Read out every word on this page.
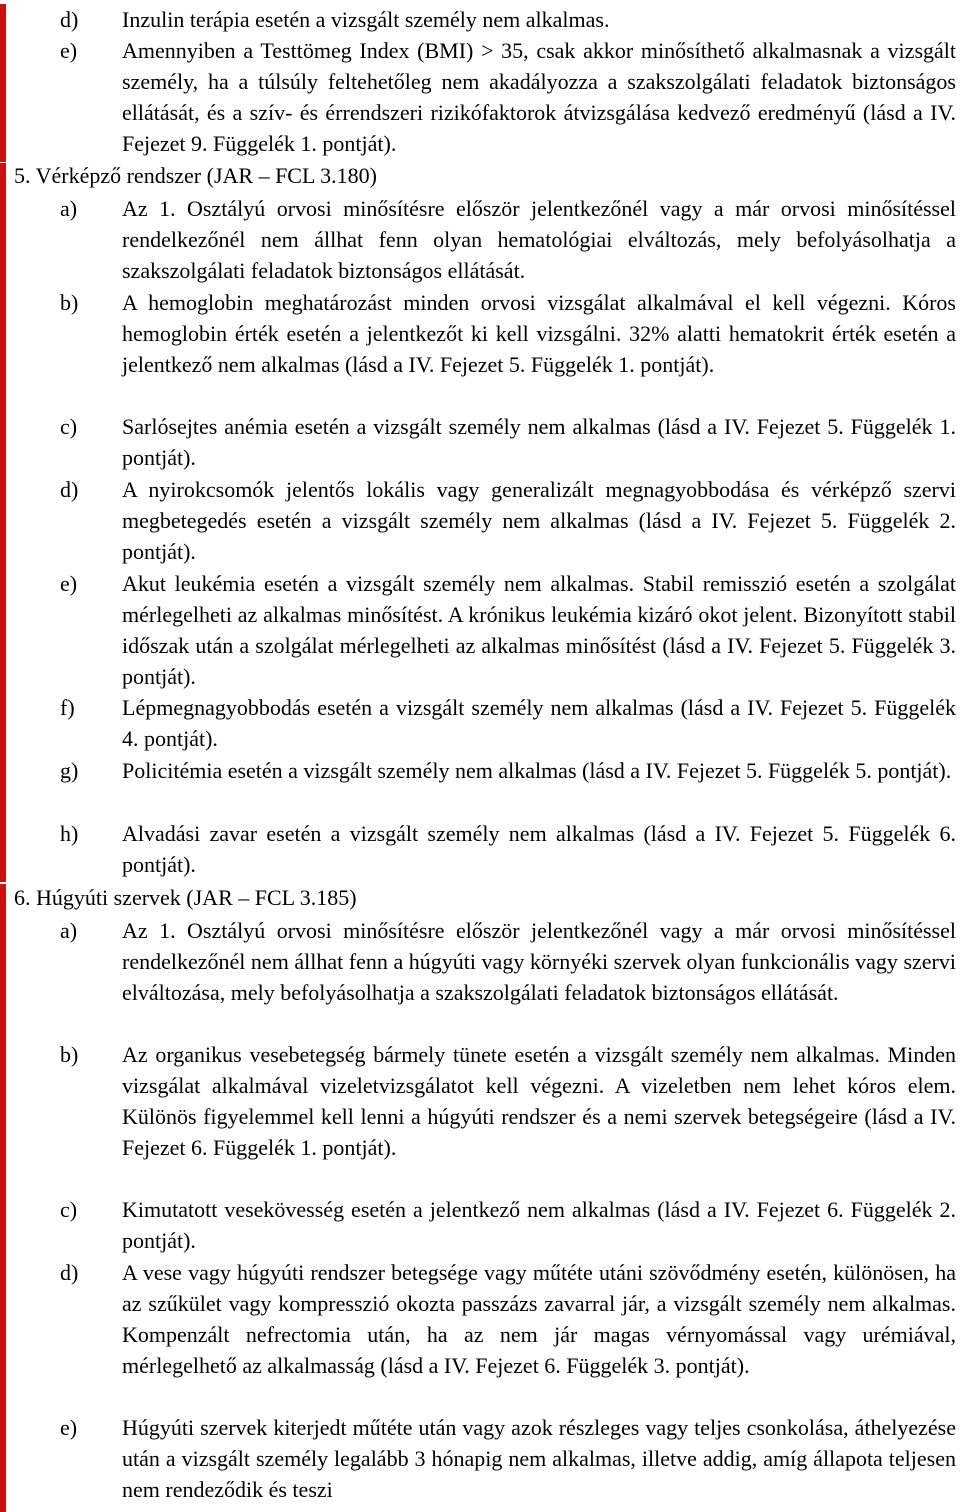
d)	Inzulin terápia esetén a vizsgált személy nem alkalmas.
e)	Amennyiben a Testtömeg Index (BMI) > 35, csak akkor minősíthető alkalmasnak a vizsgált személy, ha a túlsúly feltehetőleg nem akadályozza a szakszolgálati feladatok biztonságos ellátását, és a szív- és érrendszeri rizikófaktorok átvizsgálása kedvező eredményű (lásd a IV. Fejezet 9. Függelék 1. pontját).
5. Vérképző rendszer (JAR – FCL 3.180)
a)	Az 1. Osztályú orvosi minősítésre először jelentkezőnél vagy a már orvosi minősítéssel rendelkezőnél nem állhat fenn olyan hematológiai elváltozás, mely befolyásolhatja a szakszolgálati feladatok biztonságos ellátását.
b)	A hemoglobin meghatározást minden orvosi vizsgálat alkalmával el kell végezni. Kóros hemoglobin érték esetén a jelentkezőt ki kell vizsgálni. 32% alatti hematokrit érték esetén a jelentkező nem alkalmas (lásd a IV. Fejezet 5. Függelék 1. pontját).
c)	Sarlósejtes anémia esetén a vizsgált személy nem alkalmas (lásd a IV. Fejezet 5. Függelék 1. pontját).
d)	A nyirokcsomók jelentős lokális vagy generalizált megnagyobbodása és vérképző szervi megbetegedés esetén a vizsgált személy nem alkalmas (lásd a IV. Fejezet 5. Függelék 2. pontját).
e)	Akut leukémia esetén a vizsgált személy nem alkalmas. Stabil remisszió esetén a szolgálat mérlegelheti az alkalmas minősítést. A krónikus leukémia kizáró okot jelent. Bizonyított stabil időszak után a szolgálat mérlegelheti az alkalmas minősítést (lásd a IV. Fejezet 5. Függelék 3. pontját).
f)	Lépmegnagyobbodás esetén a vizsgált személy nem alkalmas (lásd a IV. Fejezet 5. Függelék 4. pontját).
g)	Policitémia esetén a vizsgált személy nem alkalmas (lásd a IV. Fejezet 5. Függelék 5. pontját).
h)	Alvadási zavar esetén a vizsgált személy nem alkalmas (lásd a IV. Fejezet 5. Függelék 6. pontját).
6. Húgyúti szervek (JAR – FCL 3.185)
a)	Az 1. Osztályú orvosi minősítésre először jelentkezőnél vagy a már orvosi minősítéssel rendelkezőnél nem állhat fenn a húgyúti vagy környéki szervek olyan funkcionális vagy szervi elváltozása, mely befolyásolhatja a szakszolgálati feladatok biztonságos ellátását.
b)	Az organikus vesebetegség bármely tünete esetén a vizsgált személy nem alkalmas. Minden vizsgálat alkalmával vizeletvizsgálatot kell végezni. A vizeletben nem lehet kóros elem. Különös figyelemmel kell lenni a húgyúti rendszer és a nemi szervek betegségeire (lásd a IV. Fejezet 6. Függelék 1. pontját).
c)	Kimutatott vesekövesség esetén a jelentkező nem alkalmas (lásd a IV. Fejezet 6. Függelék 2. pontját).
d)	A vese vagy húgyúti rendszer betegsége vagy műtéte utáni szövődmény esetén, különösen, ha az szűkület vagy kompresszió okozta passzázs zavarral jár, a vizsgált személy nem alkalmas. Kompenzált nefrectomia után, ha az nem jár magas vérnyomással vagy urémiával, mérlegelhető az alkalmasság (lásd a IV. Fejezet 6. Függelék 3. pontját).
e)	Húgyúti szervek kiterjedt műtéte után vagy azok részleges vagy teljes csonkolása, áthelyezése után a vizsgált személy legalább 3 hónapig nem alkalmas, illetve addig, amíg állapota teljesen nem rendeződik és teszi
